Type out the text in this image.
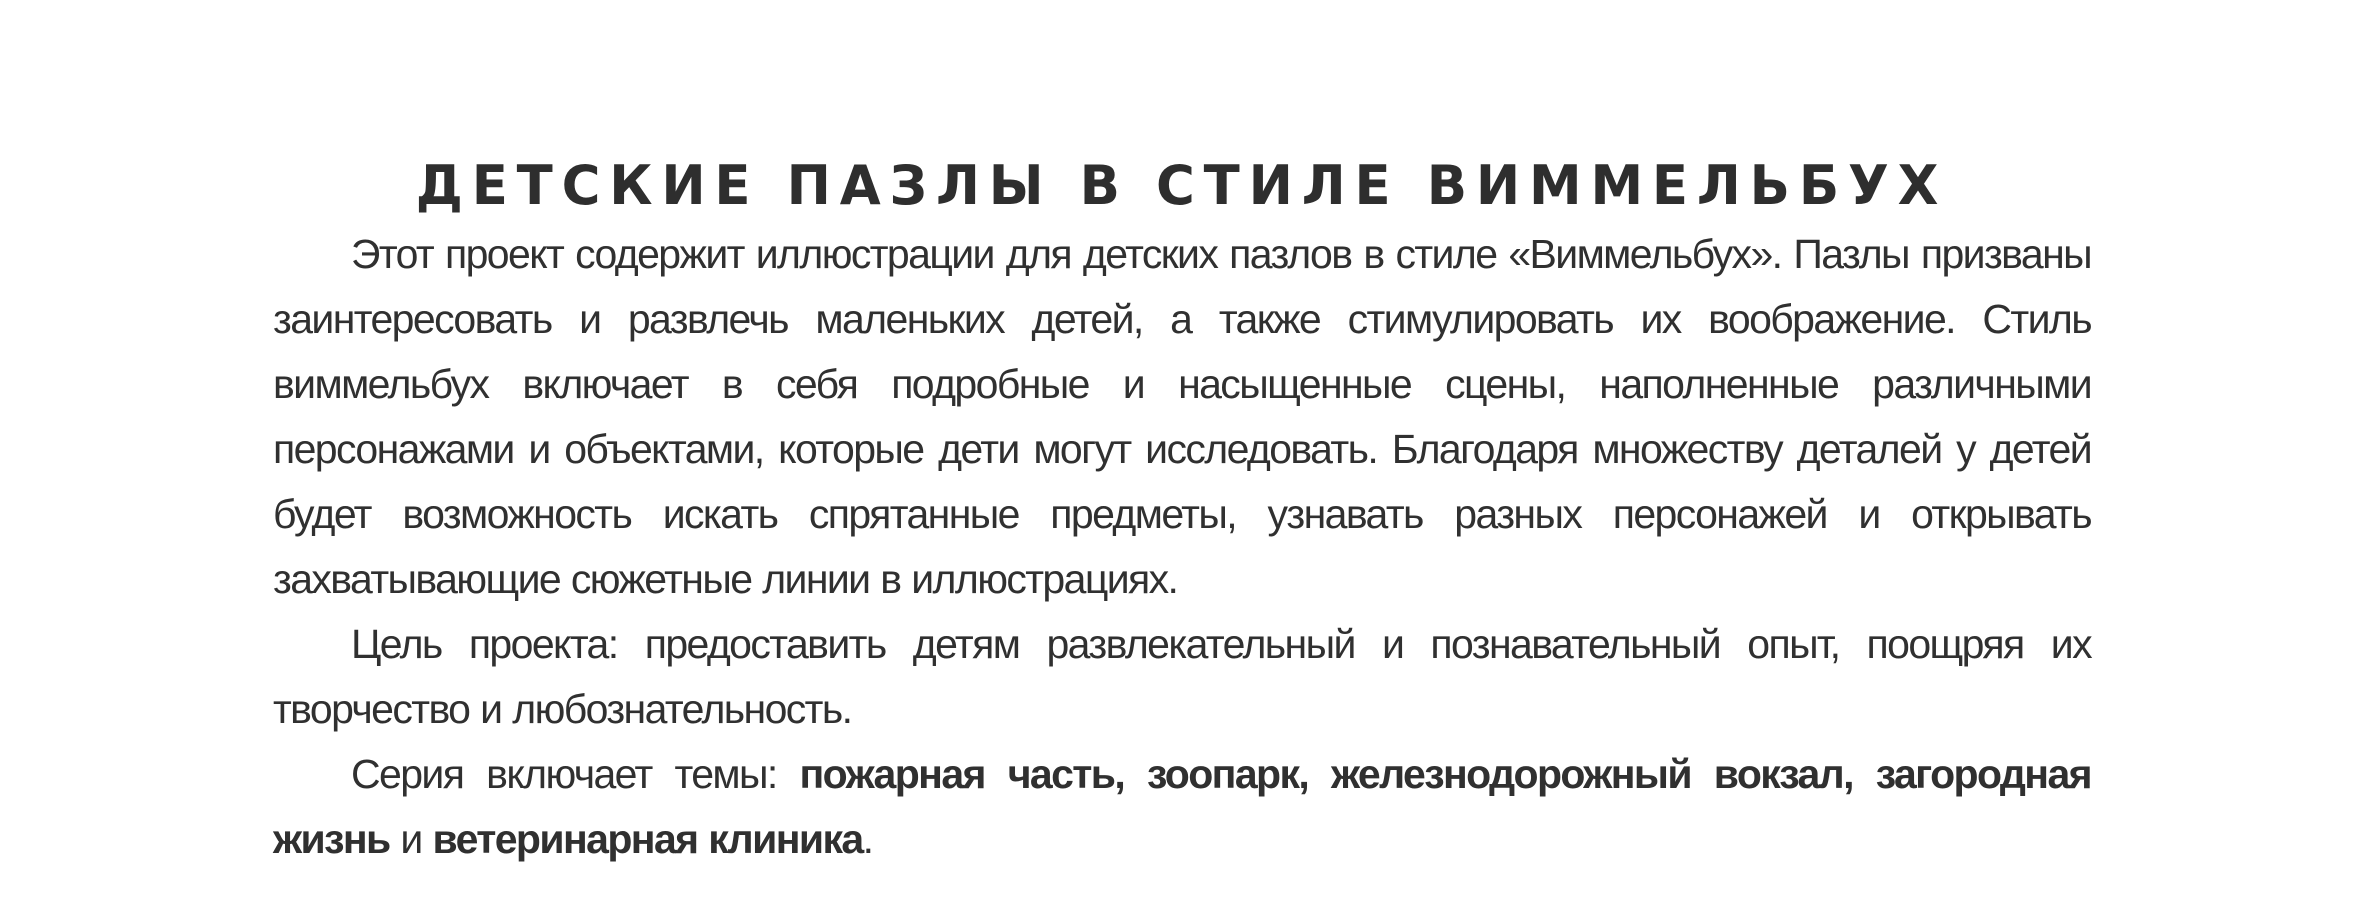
ДЕТСКИЕ ПАЗЛЫ В СТИЛЕ ВИММЕЛЬБУХ

Этот проект содержит иллюстрации для детских пазлов в стиле «Виммельбух». Пазлы призваны заинтересовать и развлечь маленьких детей, а также стимулировать их воображение. Стиль виммельбух включает в себя подробные и насыщенные сцены, наполненные различными персонажами и объектами, которые дети могут исследовать. Благодаря множеству деталей у детей будет возможность искать спрятанные предметы, узнавать разных персонажей и открывать захватывающие сюжетные линии в иллюстрациях.

Цель проекта: предоставить детям развлекательный и познавательный опыт, поощряя их творчество и любознательность.

Серия включает темы: пожарная часть, зоопарк, железнодорожный вокзал, загородная жизнь и ветеринарная клиника.
